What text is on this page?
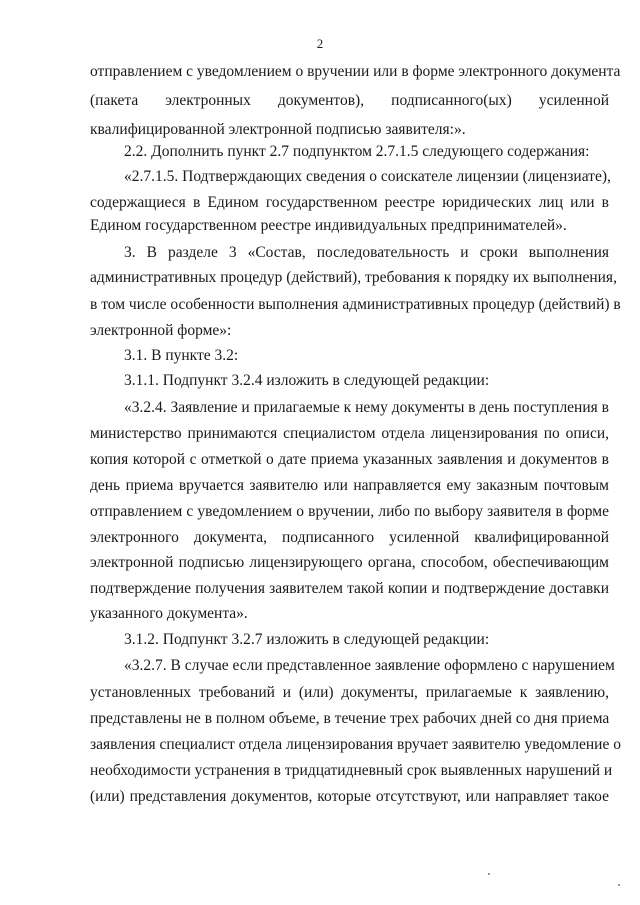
2
отправлением с уведомлением о вручении или в форме электронного документа
(пакета электронных документов), подписанного(ых) усиленной
квалифицированной электронной подписью заявителя:».
2.2. Дополнить пункт 2.7 подпунктом 2.7.1.5 следующего содержания:
«2.7.1.5. Подтверждающих сведения о соискателе лицензии (лицензиате),
содержащиеся в Едином государственном реестре юридических лиц или в
Едином государственном реестре индивидуальных предпринимателей».
3. В разделе 3 «Состав, последовательность и сроки выполнения
административных процедур (действий), требования к порядку их выполнения,
в том числе особенности выполнения административных процедур (действий) в
электронной форме»:
3.1. В пункте 3.2:
3.1.1. Подпункт 3.2.4 изложить в следующей редакции:
«3.2.4. Заявление и прилагаемые к нему документы в день поступления в
министерство принимаются специалистом отдела лицензирования по описи,
копия которой с отметкой о дате приема указанных заявления и документов в
день приема вручается заявителю или направляется ему заказным почтовым
отправлением с уведомлением о вручении, либо по выбору заявителя в форме
электронного документа, подписанного усиленной квалифицированной
электронной подписью лицензирующего органа, способом, обеспечивающим
подтверждение получения заявителем такой копии и подтверждение доставки
указанного документа».
3.1.2. Подпункт 3.2.7 изложить в следующей редакции:
«3.2.7. В случае если представленное заявление оформлено с нарушением
установленных требований и (или) документы, прилагаемые к заявлению,
представлены не в полном объеме, в течение трех рабочих дней со дня приема
заявления специалист отдела лицензирования вручает заявителю уведомление о
необходимости устранения в тридцатидневный срок выявленных нарушений и
(или) представления документов, которые отсутствуют, или направляет такое
